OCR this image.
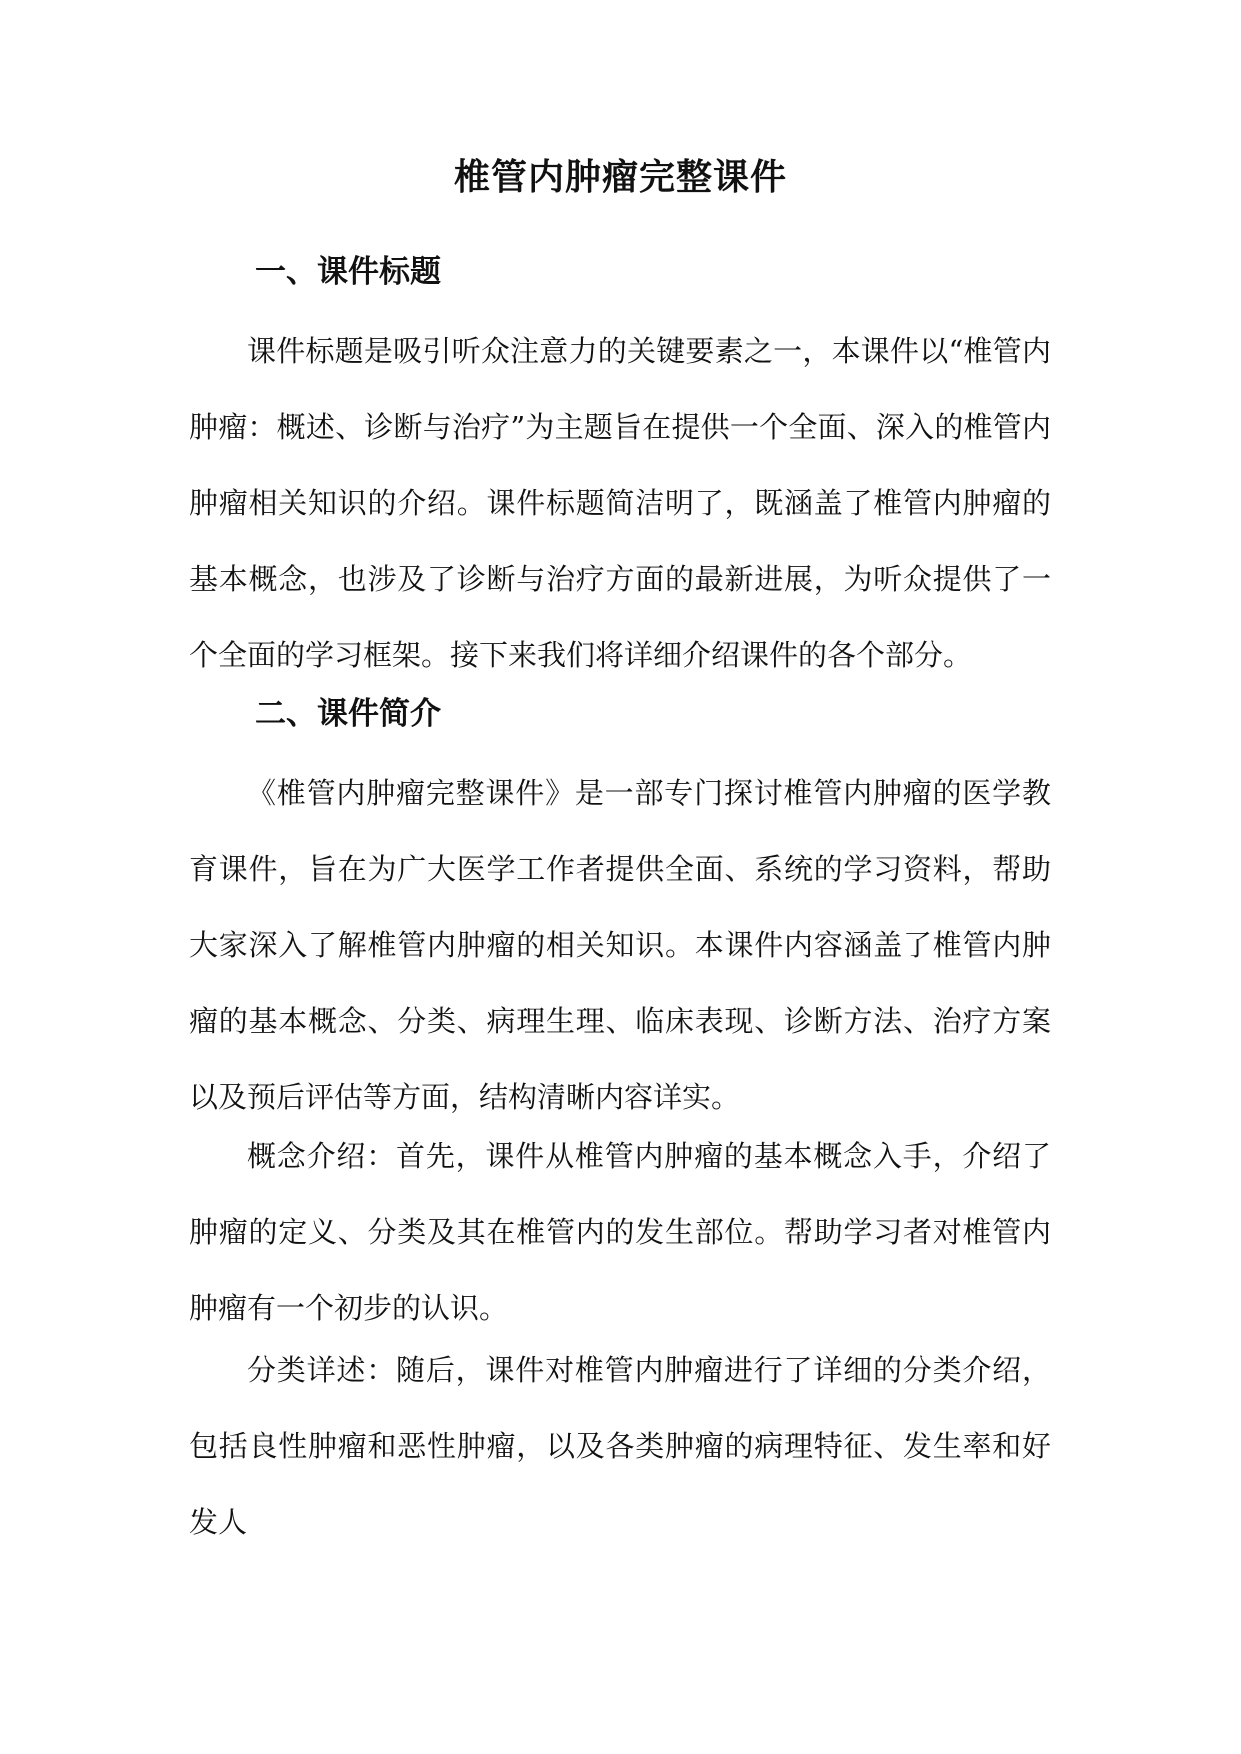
椎管内肿瘤完整课件
一、课件标题

课件标题是吸引听众注意力的关键要素之一，本课件以“椎管内肿瘤：概述、诊断与治疗”为主题旨在提供一个全面、深入的椎管内肿瘤相关知识的介绍。课件标题简洁明了，既涵盖了椎管内肿瘤的基本概念，也涉及了诊断与治疗方面的最新进展，为听众提供了一个全面的学习框架。接下来我们将详细介绍课件的各个部分。

二、课件简介

《椎管内肿瘤完整课件》是一部专门探讨椎管内肿瘤的医学教育课件，旨在为广大医学工作者提供全面、系统的学习资料，帮助大家深入了解椎管内肿瘤的相关知识。本课件内容涵盖了椎管内肿瘤的基本概念、分类、病理生理、临床表现、诊断方法、治疗方案以及预后评估等方面，结构清晰内容详实。

概念介绍：首先，课件从椎管内肿瘤的基本概念入手，介绍了肿瘤的定义、分类及其在椎管内的发生部位。帮助学习者对椎管内肿瘤有一个初步的认识。

分类详述：随后，课件对椎管内肿瘤进行了详细的分类介绍，包括良性肿瘤和恶性肿瘤，以及各类肿瘤的病理特征、发生率和好发人
